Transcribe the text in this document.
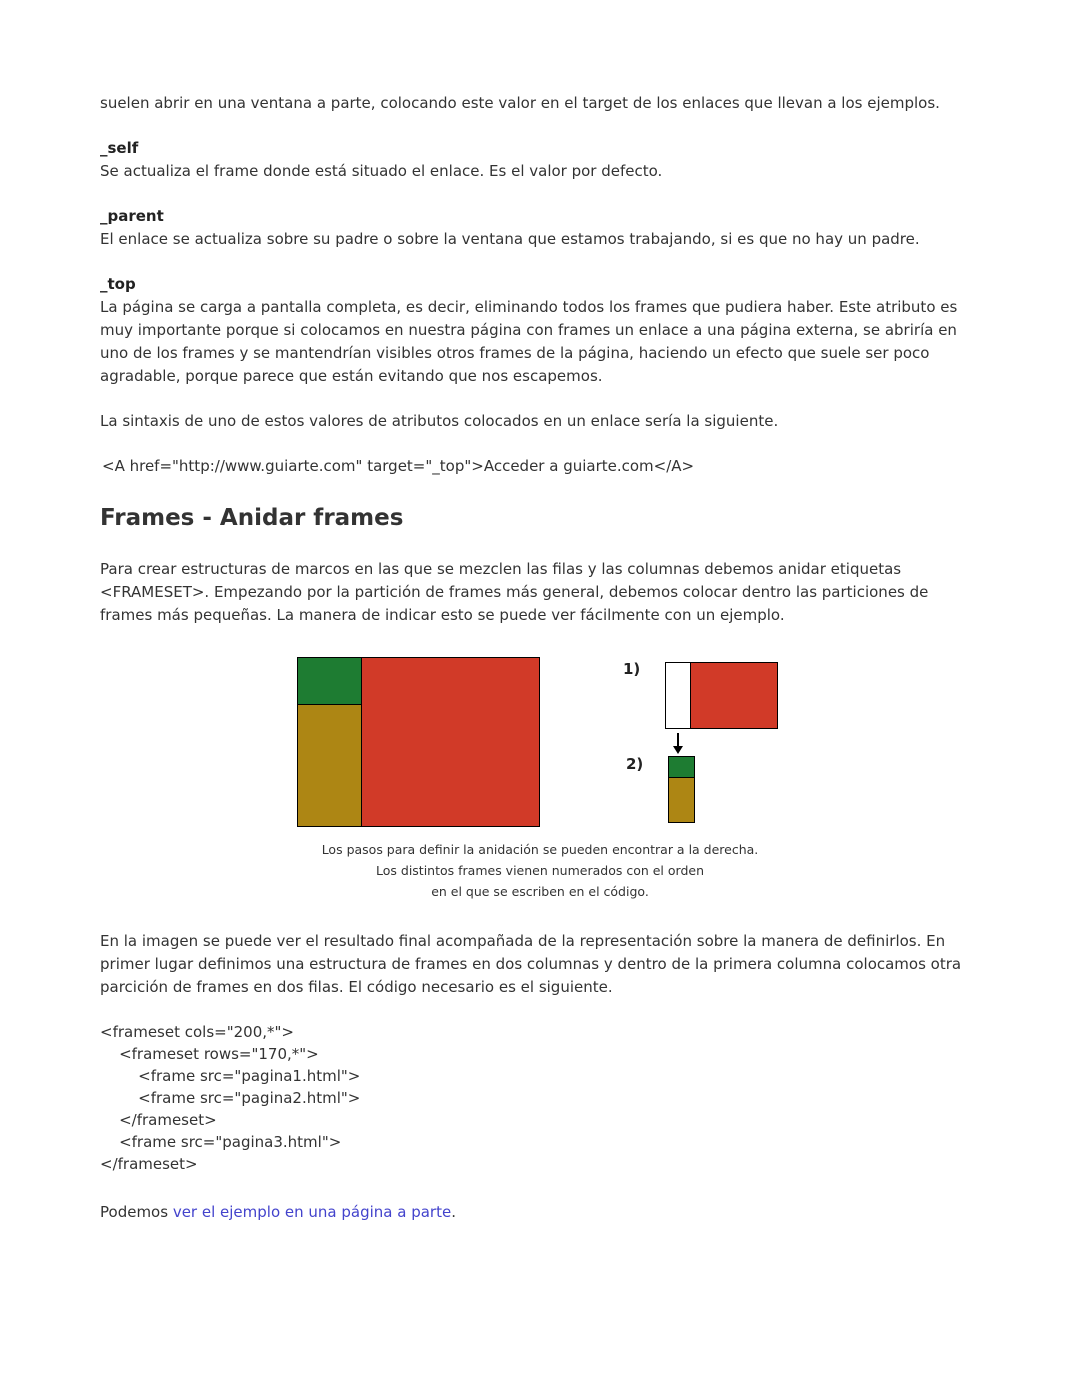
suelen abrir en una ventana a parte, colocando este valor en el target de los enlaces que llevan a los ejemplos.

_self

Se actualiza el frame donde está situado el enlace. Es el valor por defecto.

_parent

El enlace se actualiza sobre su padre o sobre la ventana que estamos trabajando, si es que no hay un padre.

_top

La página se carga a pantalla completa, es decir, eliminando todos los frames que pudiera haber. Este atributo es muy importante porque si colocamos en nuestra página con frames un enlace a una página externa, se abriría en uno de los frames y se mantendrían visibles otros frames de la página, haciendo un efecto que suele ser poco agradable, porque parece que están evitando que nos escapemos.

La sintaxis de uno de estos valores de atributos colocados en un enlace sería la siguiente.

<A href="http://www.guiarte.com" target="_top">Acceder a guiarte.com</A>
Frames - Anidar frames

Para crear estructuras de marcos en las que se mezclen las filas y las columnas debemos anidar etiquetas <FRAMESET>. Empezando por la partición de frames más general, debemos colocar dentro las particiones de frames más pequeñas. La manera de indicar esto se puede ver fácilmente con un ejemplo.

1)
2)
Los pasos para definir la anidación se pueden encontrar a la derecha.
Los distintos frames vienen numerados con el orden
en el que se escriben en el código.

En la imagen se puede ver el resultado final acompañada de la representación sobre la manera de definirlos. En primer lugar definimos una estructura de frames en dos columnas y dentro de la primera columna colocamos otra parcición de frames en dos filas. El código necesario es el siguiente.

<frameset cols="200,*">
<frameset rows="170,*">
<frame src="pagina1.html">
<frame src="pagina2.html">
</frameset>
<frame src="pagina3.html">
</frameset>
Podemos ver el ejemplo en una página a parte.
